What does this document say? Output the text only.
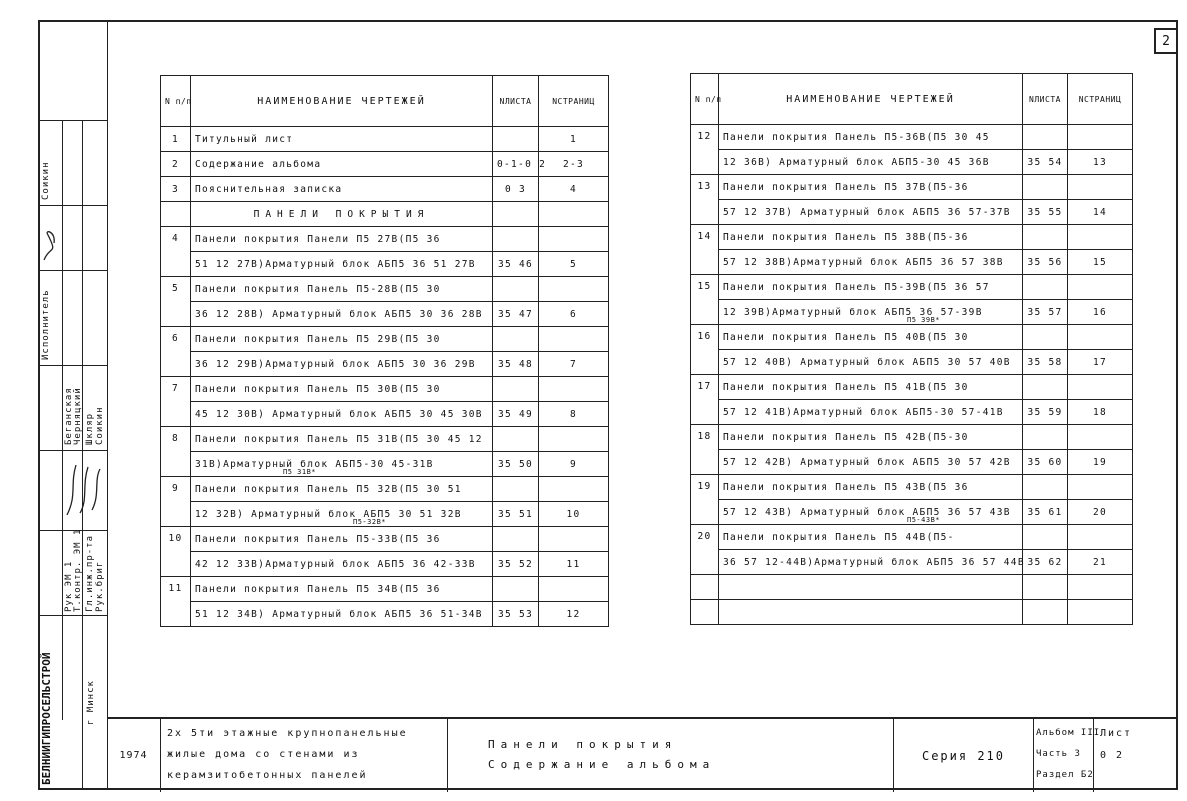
2
БЕЛНИИГИПРОСЕЛЬСТРОЙ	г Минск
Соикин
Исполнитель
Рук ЭМ 1 Т.контр. ЭМ 1 Гл.инж.пр-та Рук.бриг
Беганская Черняцкий Шкляр Соикин
N п/п	НАИМЕНОВАНИЕ ЧЕРТЕЖЕЙ	NЛИСТА	NСТРАНИЦ
1	Титульный лист		1
2	Содержание альбома	0-1-0 2	2-3
3	Пояснительная записка	0 3	4
	ПАНЕЛИ ПОКРЫТИЯ		
4	Панели покрытия Панели П5 27В(П5 36		
	51 12 27В)Арматурный блок АБП5 36 51 27В	35 46	5
5	Панели покрытия Панель П5-28В(П5 30		
	36 12 28В) Арматурный блок АБП5 30 36 28В	35 47	6
6	Панели покрытия Панель П5 29В(П5 30		
	36 12 29В)Арматурный блок АБП5 30 36 29В	35 48	7
7	Панели покрытия Панель П5 30В(П5 30		
	45 12 30В) Арматурный блок АБП5 30 45 30В	35 49	8
8	Панели покрытия Панель П5 31В(П5 30 45 12		
	31В)Арматурный блок АБП5-30 45-31В
П5 31В*	35 50	9
9	Панели покрытия Панель П5 32В(П5 30 51		
	12 32В) Арматурный блок АБП5 30 51 32В
П5-32В*	35 51	10
10	Панели покрытия Панель П5-33В(П5 36		
	42 12 33В)Арматурный блок АБП5 36 42-33В	35 52	11
11	Панели покрытия Панель П5 34В(П5 36		
	51 12 34В) Арматурный блок АБП5 36 51-34В	35 53	12
N п/п	НАИМЕНОВАНИЕ ЧЕРТЕЖЕЙ	NЛИСТА	NСТРАНИЦ
12	Панели покрытия Панель П5-36В(П5 30 45		
	12 36В) Арматурный блок АБП5-30 45 36В	35 54	13
13	Панели покрытия Панель П5 37В(П5-36		
	57 12 37В) Арматурный блок АБП5 36 57-37В	35 55	14
14	Панели покрытия Панель П5 38В(П5-36		
	57 12 38В)Арматурный блок АБП5 36 57 38В	35 56	15
15	Панели покрытия Панель П5-39В(П5 36 57		
	12 39В)Арматурный блок АБП5 36 57-39В
П5 39В*	35 57	16
16	Панели покрытия Панель П5 40В(П5 30		
	57 12 40В) Арматурный блок АБП5 30 57 40В	35 58	17
17	Панели покрытия Панель П5 41В(П5 30		
	57 12 41В)Арматурный блок АБП5-30 57-41В	35 59	18
18	Панели покрытия Панель П5 42В(П5-30		
	57 12 42В) Арматурный блок АБП5 30 57 42В	35 60	19
19	Панели покрытия Панель П5 43В(П5 36		
	57 12 43В) Арматурный блок АБП5 36 57 43В
П5-43В*	35 61	20
20	Панели покрытия Панель П5 44В(П5-		
	36 57 12-44В)Арматурный блок АБП5 36 57 44В	35 62	21

1974
2х 5ти этажные крупнопанельные
жилые дома со стенами из
керамзитобетонных панелей
Панели покрытия
Содержание альбома
Серия 210
Альбом III
Часть 3
Раздел Б2
Лист
0 2
